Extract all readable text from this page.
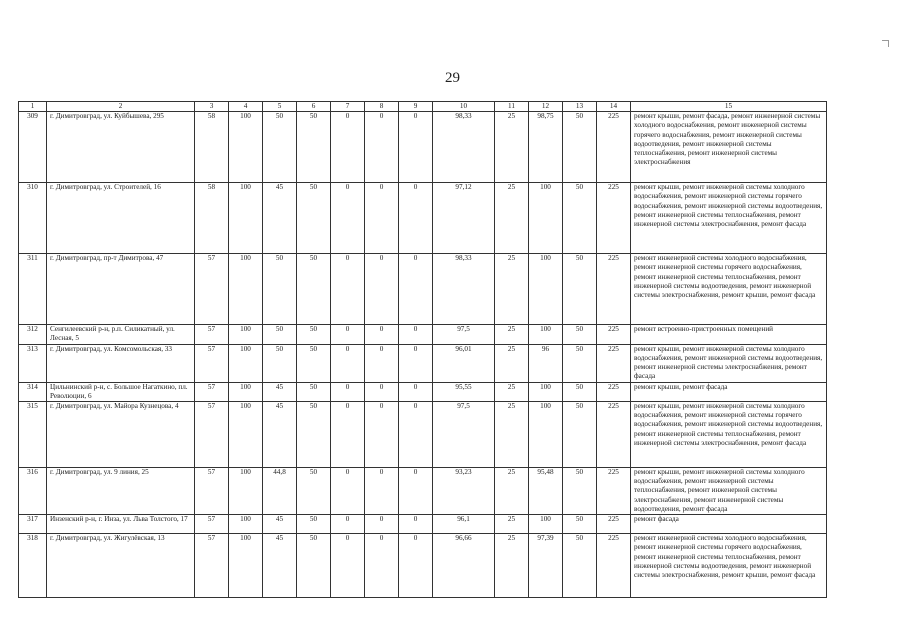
29
1	2	3	4	5	6	7	8	9	10	11	12	13	14	15
309	г. Димитровград, ул. Куйбышева, 295	58	100	50	50	0	0	0	98,33	25	98,75	50	225	ремонт крыши, ремонт фасада, ремонт инженерной системы холодного водоснабжения, ремонт инженерной системы горячего водоснабжения, ремонт инженерной системы водоотведения, ремонт инженерной системы теплоснабжения, ремонт инженерной системы электроснабжения
310	г. Димитровград, ул. Строителей, 16	58	100	45	50	0	0	0	97,12	25	100	50	225	ремонт крыши, ремонт инженерной системы холодного водоснабжения, ремонт инженерной системы горячего водоснабжения, ремонт инженерной системы водоотведения, ремонт инженерной системы теплоснабжения, ремонт инженерной системы электроснабжения, ремонт фасада
311	г. Димитровград, пр-т Димитрова, 47	57	100	50	50	0	0	0	98,33	25	100	50	225	ремонт инженерной системы холодного водоснабжения, ремонт инженерной системы горячего водоснабжения, ремонт инженерной системы теплоснабжения, ремонт инженерной системы водоотведения, ремонт инженерной системы электроснабжения, ремонт крыши, ремонт фасада
312	Сенгилеевский р-н, р.п. Силикатный, ул. Лесная, 5	57	100	50	50	0	0	0	97,5	25	100	50	225	ремонт встроенно-пристроенных помещений
313	г. Димитровград, ул. Комсомольская, 33	57	100	50	50	0	0	0	96,01	25	96	50	225	ремонт крыши, ремонт инженерной системы холодного водоснабжения, ремонт инженерной системы водоотведения, ремонт инженерной системы электроснабжения, ремонт фасада
314	Цильнинский р-н, с. Большое Нагаткино, пл. Революции, 6	57	100	45	50	0	0	0	95,55	25	100	50	225	ремонт крыши, ремонт фасада
315	г. Димитровград, ул. Майора Кузнецова, 4	57	100	45	50	0	0	0	97,5	25	100	50	225	ремонт крыши, ремонт инженерной системы холодного водоснабжения, ремонт инженерной системы горячего водоснабжения, ремонт инженерной системы водоотведения, ремонт инженерной системы теплоснабжения, ремонт инженерной системы электроснабжения, ремонт фасада
316	г. Димитровград, ул. 9 линия, 25	57	100	44,8	50	0	0	0	93,23	25	95,48	50	225	ремонт крыши, ремонт инженерной системы холодного водоснабжения, ремонт инженерной системы теплоснабжения, ремонт инженерной системы электроснабжения, ремонт инженерной системы водоотведения, ремонт фасада
317	Инзенский р-н, г. Инза, ул. Льва Толстого, 17	57	100	45	50	0	0	0	96,1	25	100	50	225	ремонт фасада
318	г. Димитровград, ул. Жигулёвская, 13	57	100	45	50	0	0	0	96,66	25	97,39	50	225	ремонт инженерной системы холодного водоснабжения, ремонт инженерной системы горячего водоснабжения, ремонт инженерной системы теплоснабжения, ремонт инженерной системы водоотведения, ремонт инженерной системы электроснабжения, ремонт крыши, ремонт фасада
